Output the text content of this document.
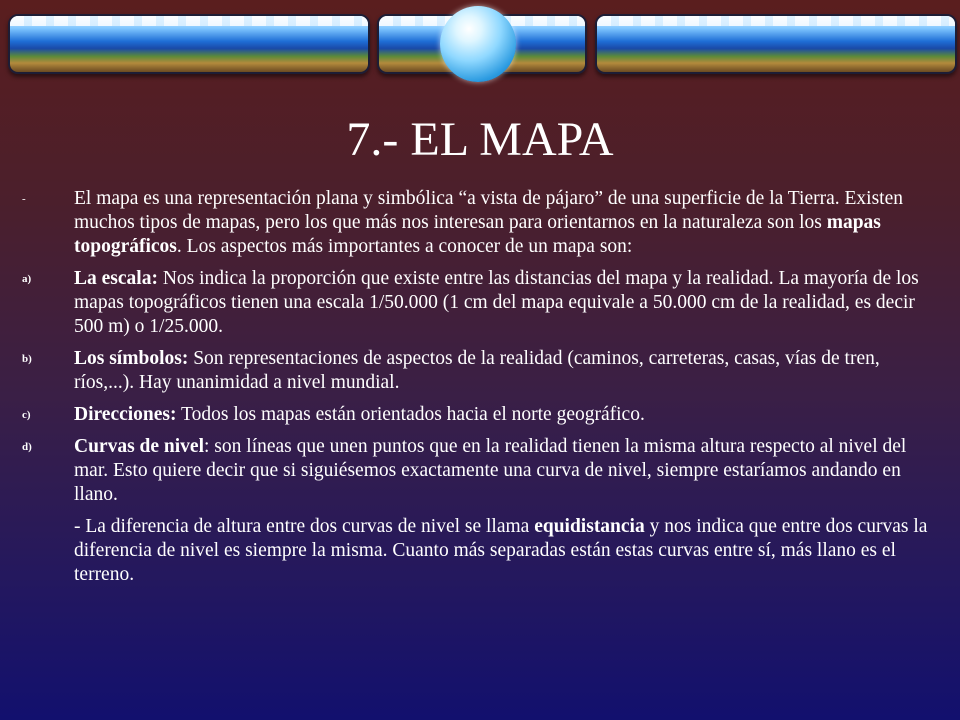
7.- EL MAPA
- El mapa es una representación plana y simbólica “a vista de pájaro” de una superficie de la Tierra. Existen muchos tipos de mapas, pero los que más nos interesan para orientarnos en la naturaleza son los mapas topográficos. Los aspectos más importantes a conocer de un mapa son:
a) La escala: Nos indica la proporción que existe entre las distancias del mapa y la realidad. La mayoría de los mapas topográficos tienen una escala 1/50.000 (1 cm del mapa equivale a 50.000 cm de la realidad, es decir 500 m) o 1/25.000.
b) Los símbolos: Son representaciones de aspectos de la realidad (caminos, carreteras, casas, vías de tren, ríos,...). Hay unanimidad a nivel mundial.
c) Direcciones: Todos los mapas están orientados hacia el norte geográfico.
d) Curvas de nivel: son líneas que unen puntos que en la realidad tienen la misma altura respecto al nivel del mar. Esto quiere decir que si siguiésemos exactamente una curva de nivel, siempre estaríamos andando en llano.
- La diferencia de altura entre dos curvas de nivel se llama equidistancia y nos indica que entre dos curvas la diferencia de nivel es siempre la misma. Cuanto más separadas están estas curvas entre sí, más llano es el terreno.
